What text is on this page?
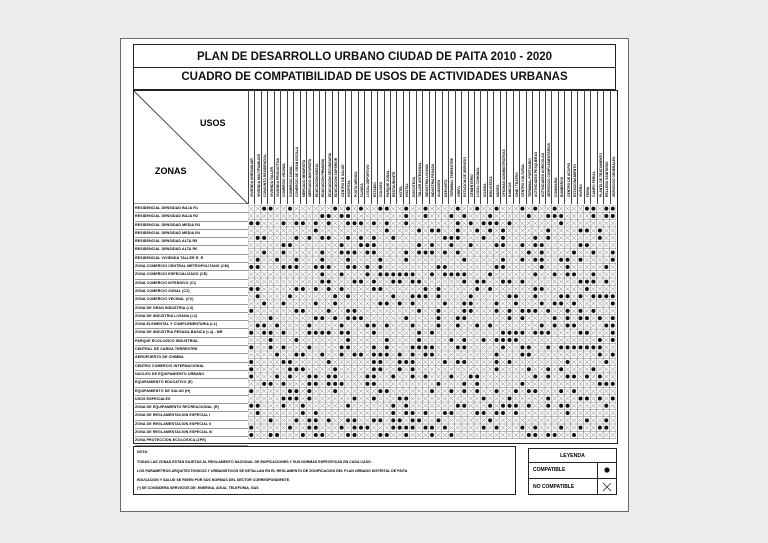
PLAN DE DESARROLLO URBANO CIUDAD DE PAITA 2010 - 2020
CUADRO DE COMPATIBILIDAD DE USOS DE ACTIVIDADES URBANAS
USOS
ZONAS	VIVIENDA UNIFAMILIAR VIVIENDA MULTIFAMILIAR CONJUNTO RESIDENCIAL VIVIENDA TALLER VIVIENDA PRODUCTIVA COMERCIO VECINAL COMERCIO ZONAL COMERCIO DE GRAN ESCALA MERCADO MINORISTA MERCADO MAYORISTA EDUCACION INICIAL EDUCACION PRIMARIA EDUCACION SECUNDARIA EDUCACION SUPERIOR CENTRO DE SALUD HOSPITAL POSTA MEDICA CLINICA LOCAL DEPORTIVO ESTADIO COLISEO PARQUE ZONAL RESTAURANTE HOTEL HOSTAL DISCOTECA TALLER ARTESANAL INDUSTRIA LIVIANA INDUSTRIA PESADA ALMACEN DEPOSITO TERMINAL TERRESTRE GRIFO ESTACION DE SERVICIO CEMENTERIO LOCAL COMUNAL IGLESIA BIBLIOTECA MUSEO OFICINAS ADMINISTRATIVAS BANCOS CINE / TEATRO CENTRO CULTURAL TERMINAL PORTUARIO ACTIVIDADES PESQUERAS ACTIVIDADES AGRICOLAS SERVICIOS COMPLEMENTARIOS COMISARIA BOMBEROS CENTRO DE ACOPIO ESTACIONAMIENTO VIVERO FERIA CAMPO FERIAL PLANTA DE TRATAMIENTO RELLENO SANITARIO SERVICIOS GENERALES
RESIDENCIAL DENSIDAD BAJA R1
RESIDENCIAL DENSIDAD BAJA R2
RESIDENCIAL DENSIDAD MEDIA R3
RESIDENCIAL DENSIDAD MEDIA R4
RESIDENCIAL DENSIDAD ALTA R5
RESIDENCIAL DENSIDAD ALTA R6
RESIDENCIAL VIVIENDA TALLER R_R
ZONA COMERCIO CENTRAL METROPOLITANO (CM)
ZONA COMERCIO ESPECIALIZADO (CE)
ZONA COMERCIO INTENSIVO (CI)
ZONA COMERCIO ZONAL (CZ)
ZONA COMERCIO VECINAL (CV)
ZONA DE GRAN INDUSTRIA (I-3)
ZONA DE INDUSTRIA LIVIANA (I-2)
ZONA ELEMENTAL Y COMPLEMENTARIA (I-1)
ZONA DE INDUSTRIA PESADA BASICA (I-4) - MR
PARQUE ECOLOGICO INDUSTRIAL
CENTRAL DE CARGA TERRESTRE
AEROPUERTO DE CHIMBA
CENTRO COMERCIO INTERNACIONAL
NUCLEO DE EQUIPAMIENTO URBANO
EQUIPAMIENTO EDUCATIVO (E)
EQUIPAMIENTO DE SALUD (H)
USOS ESPECIALES
ZONA DE EQUIPAMIENTO RECREACIONAL (R)
ZONA DE REGLAMENTACION ESPECIAL I
ZONA DE REGLAMENTACION ESPECIAL II
ZONA DE REGLAMENTACION ESPECIAL III
ZONA PROTECCION ECOLOGICA (ZPE)
NOTA:
TODAS LAS ZONAS ESTAN SUJETAS AL REGLAMENTO NACIONAL DE EDIFICACIONES Y SUS NORMAS ESPECIFICAS EN CADA CASO
LOS PARAMETROS ARQUITECTONICOS Y URBANISTICOS SE DETALLAN EN EL REGLAMENTO DE ZONIFICACION DEL PLAN URBANO DISTRITAL DE PAITA
EDUCACION Y SALUD SE RIGEN POR SUS NORMAS DEL SECTOR CORRESPONDIENTE.
(*) SE CONSIDERA SERVICIOS DE: ENERGIA, AGUA, TELEFONIA, GAS
LEYENDA
COMPATIBLE
NO COMPATIBLE
